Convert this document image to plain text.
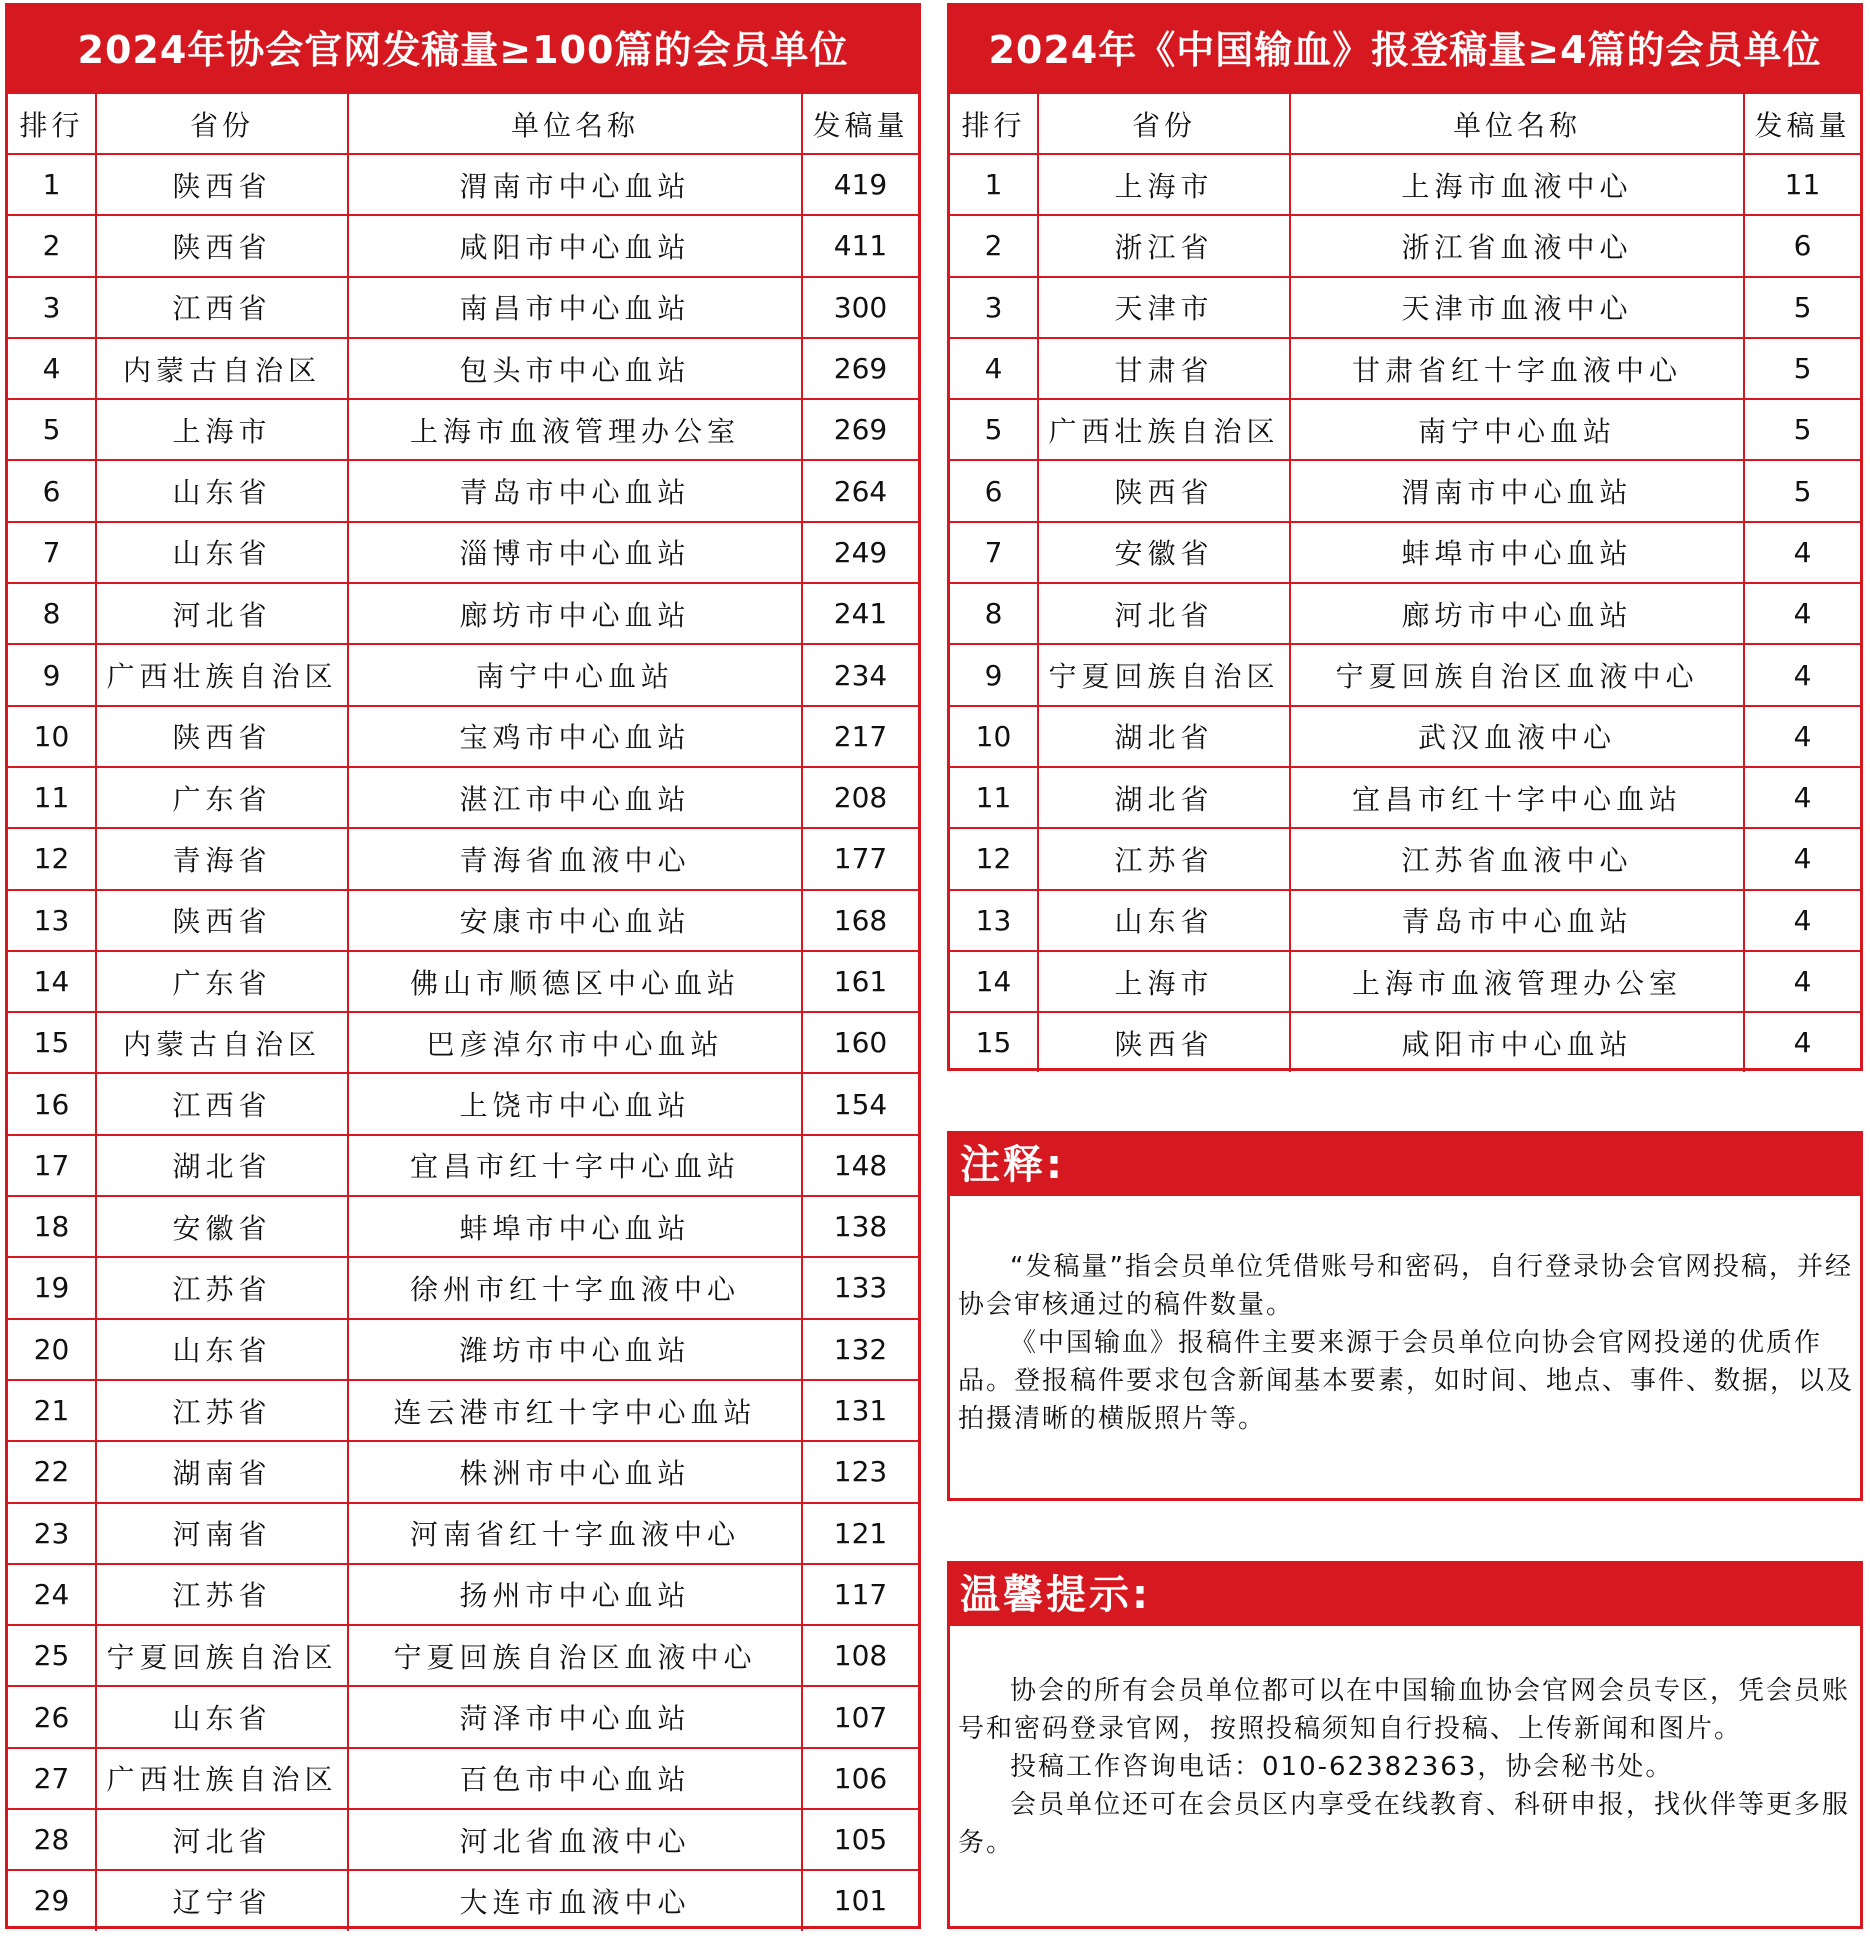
2024年协会官网发稿量≥100篇的会员单位
排行	省份	单位名称	发稿量
1	陕西省	渭南市中心血站	419
2	陕西省	咸阳市中心血站	411
3	江西省	南昌市中心血站	300
4	内蒙古自治区	包头市中心血站	269
5	上海市	上海市血液管理办公室	269
6	山东省	青岛市中心血站	264
7	山东省	淄博市中心血站	249
8	河北省	廊坊市中心血站	241
9	广西壮族自治区	南宁中心血站	234
10	陕西省	宝鸡市中心血站	217
11	广东省	湛江市中心血站	208
12	青海省	青海省血液中心	177
13	陕西省	安康市中心血站	168
14	广东省	佛山市顺德区中心血站	161
15	内蒙古自治区	巴彦淖尔市中心血站	160
16	江西省	上饶市中心血站	154
17	湖北省	宜昌市红十字中心血站	148
18	安徽省	蚌埠市中心血站	138
19	江苏省	徐州市红十字血液中心	133
20	山东省	潍坊市中心血站	132
21	江苏省	连云港市红十字中心血站	131
22	湖南省	株洲市中心血站	123
23	河南省	河南省红十字血液中心	121
24	江苏省	扬州市中心血站	117
25	宁夏回族自治区	宁夏回族自治区血液中心	108
26	山东省	菏泽市中心血站	107
27	广西壮族自治区	百色市中心血站	106
28	河北省	河北省血液中心	105
29	辽宁省	大连市血液中心	101
2024年《中国输血》报登稿量≥4篇的会员单位
排行	省份	单位名称	发稿量
1	上海市	上海市血液中心	11
2	浙江省	浙江省血液中心	6
3	天津市	天津市血液中心	5
4	甘肃省	甘肃省红十字血液中心	5
5	广西壮族自治区	南宁中心血站	5
6	陕西省	渭南市中心血站	5
7	安徽省	蚌埠市中心血站	4
8	河北省	廊坊市中心血站	4
9	宁夏回族自治区	宁夏回族自治区血液中心	4
10	湖北省	武汉血液中心	4
11	湖北省	宜昌市红十字中心血站	4
12	江苏省	江苏省血液中心	4
13	山东省	青岛市中心血站	4
14	上海市	上海市血液管理办公室	4
15	陕西省	咸阳市中心血站	4
注释:

“发稿量”指会员单位凭借账号和密码，自行登录协会官网投稿，并经协会审核通过的稿件数量。

《中国输血》报稿件主要来源于会员单位向协会官网投递的优质作品。登报稿件要求包含新闻基本要素，如时间、地点、事件、数据，以及拍摄清晰的横版照片等。

温馨提示:

协会的所有会员单位都可以在中国输血协会官网会员专区，凭会员账号和密码登录官网，按照投稿须知自行投稿、上传新闻和图片。

投稿工作咨询电话：010-62382363，协会秘书处。

会员单位还可在会员区内享受在线教育、科研申报，找伙伴等更多服务。
